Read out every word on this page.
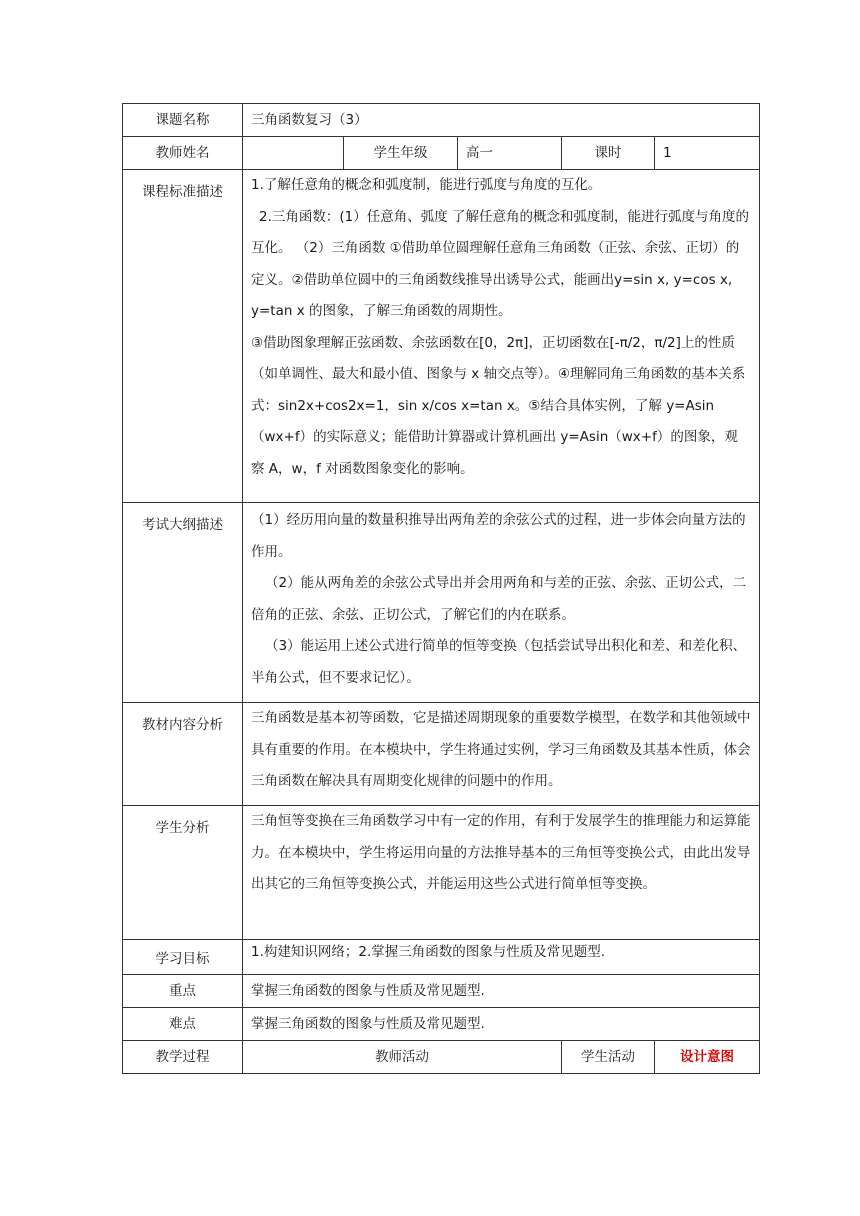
课题名称	三角函数复习（3）				

教师姓名		学生年级	高一	课时	1

课程标准描述	1.了解任意角的概念和弧度制，能进行弧度与角度的互化。
2.三角函数：(1）任意角、弧度 了解任意角的概念和弧度制，能进行弧度与角度的互化。 （2）三角函数 ①借助单位圆理解任意角三角函数（正弦、余弦、正切）的定义。②借助单位圆中的三角函数线推导出诱导公式，能画出y=sin x, y=cos x, y=tan x 的图象，了解三角函数的周期性。
③借助图象理解正弦函数、余弦函数在[0，2π]，正切函数在[-π/2，π/2]上的性质（如单调性、最大和最小值、图象与 x 轴交点等）。④理解同角三角函数的基本关系式：sin2x+cos2x=1，sin x/cos x=tan x。⑤结合具体实例，了解 y=Asin（wx+f）的实际意义；能借助计算器或计算机画出 y=Asin（wx+f）的图象，观察 A，w，f 对函数图象变化的影响。				

考试大纲描述	（1）经历用向量的数量积推导出两角差的余弦公式的过程，进一步体会向量方法的作用。
（2）能从两角差的余弦公式导出并会用两角和与差的正弦、余弦、正切公式，二倍角的正弦、余弦、正切公式，了解它们的内在联系。
（3）能运用上述公式进行简单的恒等变换（包括尝试导出积化和差、和差化积、半角公式，但不要求记忆）。				

教材内容分析	三角函数是基本初等函数，它是描述周期现象的重要数学模型，在数学和其他领域中具有重要的作用。在本模块中，学生将通过实例，学习三角函数及其基本性质，体会三角函数在解决具有周期变化规律的问题中的作用。				

学生分析	三角恒等变换在三角函数学习中有一定的作用，有利于发展学生的推理能力和运算能力。在本模块中，学生将运用向量的方法推导基本的三角恒等变换公式，由此出发导出其它的三角恒等变换公式，并能运用这些公式进行简单恒等变换。				

学习目标	1.构建知识网络；2.掌握三角函数的图象与性质及常见题型.				

重点	掌握三角函数的图象与性质及常见题型.				

难点	掌握三角函数的图象与性质及常见题型.				

教学过程	教师活动			学生活动	设计意图
